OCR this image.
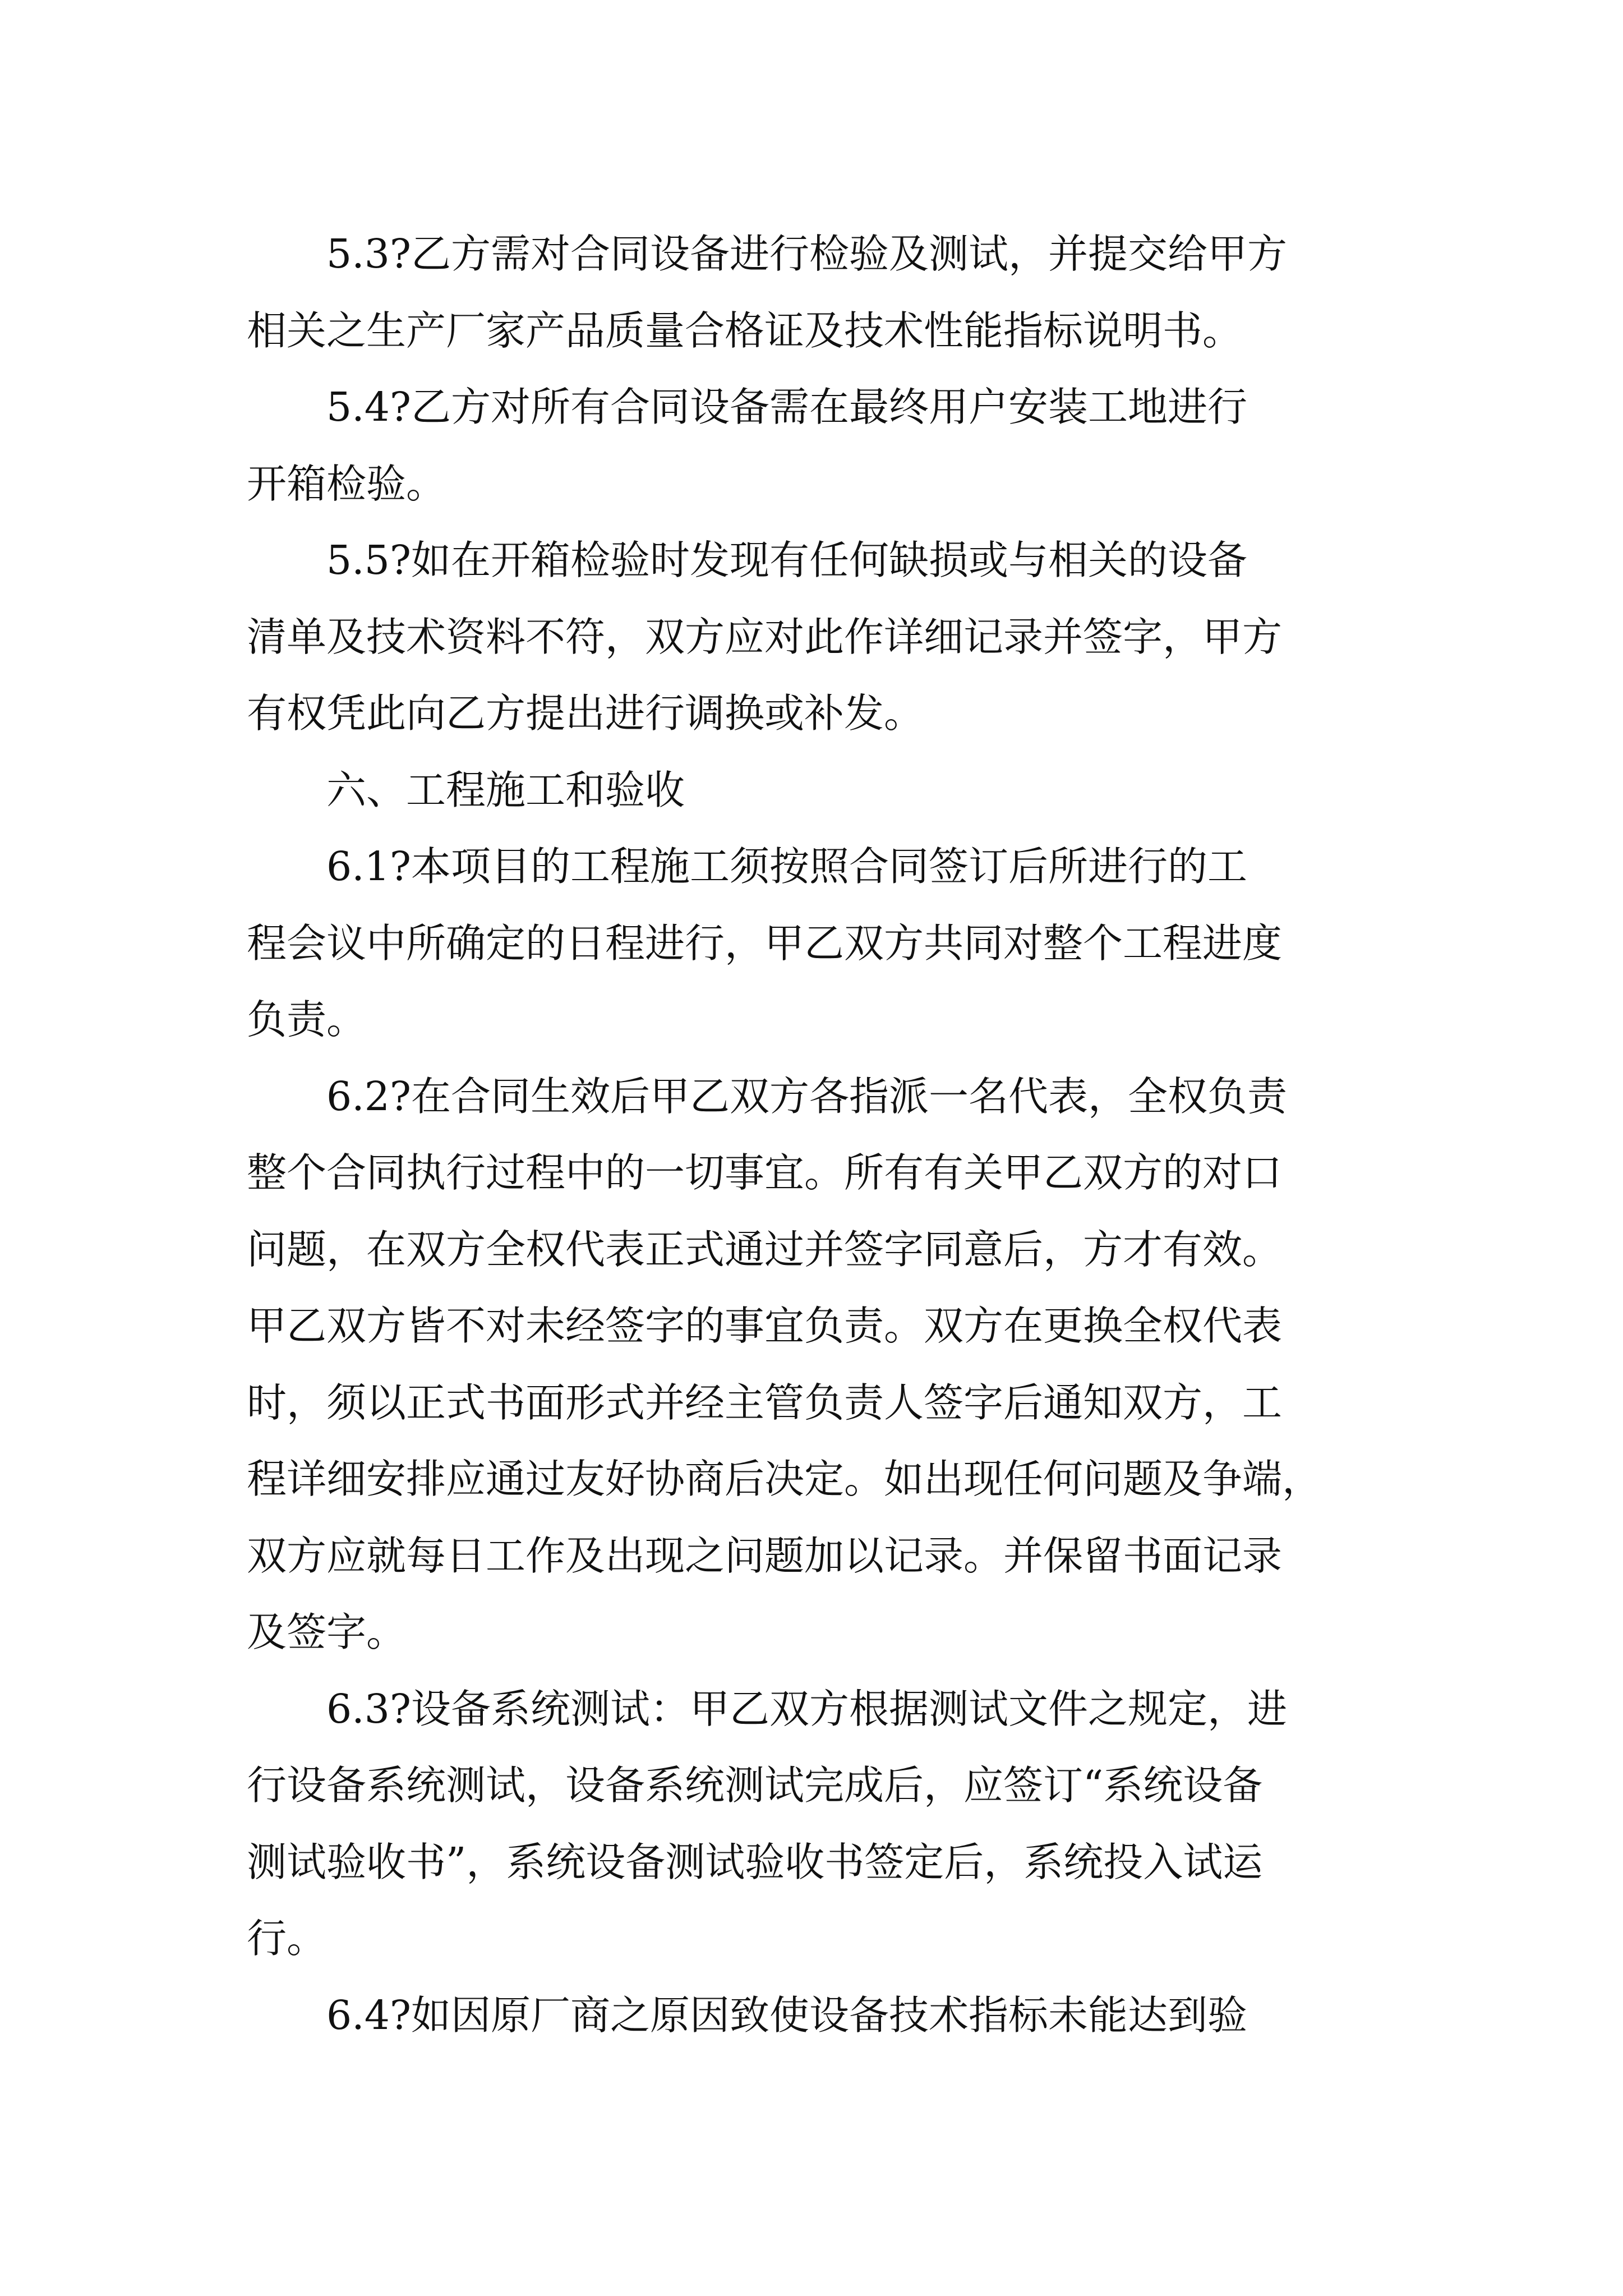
5.3?乙方需对合同设备进行检验及测试，并提交给甲方
相关之生产厂家产品质量合格证及技术性能指标说明书。
5.4?乙方对所有合同设备需在最终用户安装工地进行
开箱检验。
5.5?如在开箱检验时发现有任何缺损或与相关的设备
清单及技术资料不符，双方应对此作详细记录并签字，甲方
有权凭此向乙方提出进行调换或补发。
六、工程施工和验收
6.1?本项目的工程施工须按照合同签订后所进行的工
程会议中所确定的日程进行，甲乙双方共同对整个工程进度
负责。
6.2?在合同生效后甲乙双方各指派一名代表，全权负责
整个合同执行过程中的一切事宜。所有有关甲乙双方的对口
问题，在双方全权代表正式通过并签字同意后，方才有效。
甲乙双方皆不对未经签字的事宜负责。双方在更换全权代表
时，须以正式书面形式并经主管负责人签字后通知双方，工
程详细安排应通过友好协商后决定。如出现任何问题及争端，
双方应就每日工作及出现之问题加以记录。并保留书面记录
及签字。
6.3?设备系统测试：甲乙双方根据测试文件之规定，进
行设备系统测试，设备系统测试完成后，应签订“系统设备
测试验收书”，系统设备测试验收书签定后，系统投入试运
行。
6.4?如因原厂商之原因致使设备技术指标未能达到验
